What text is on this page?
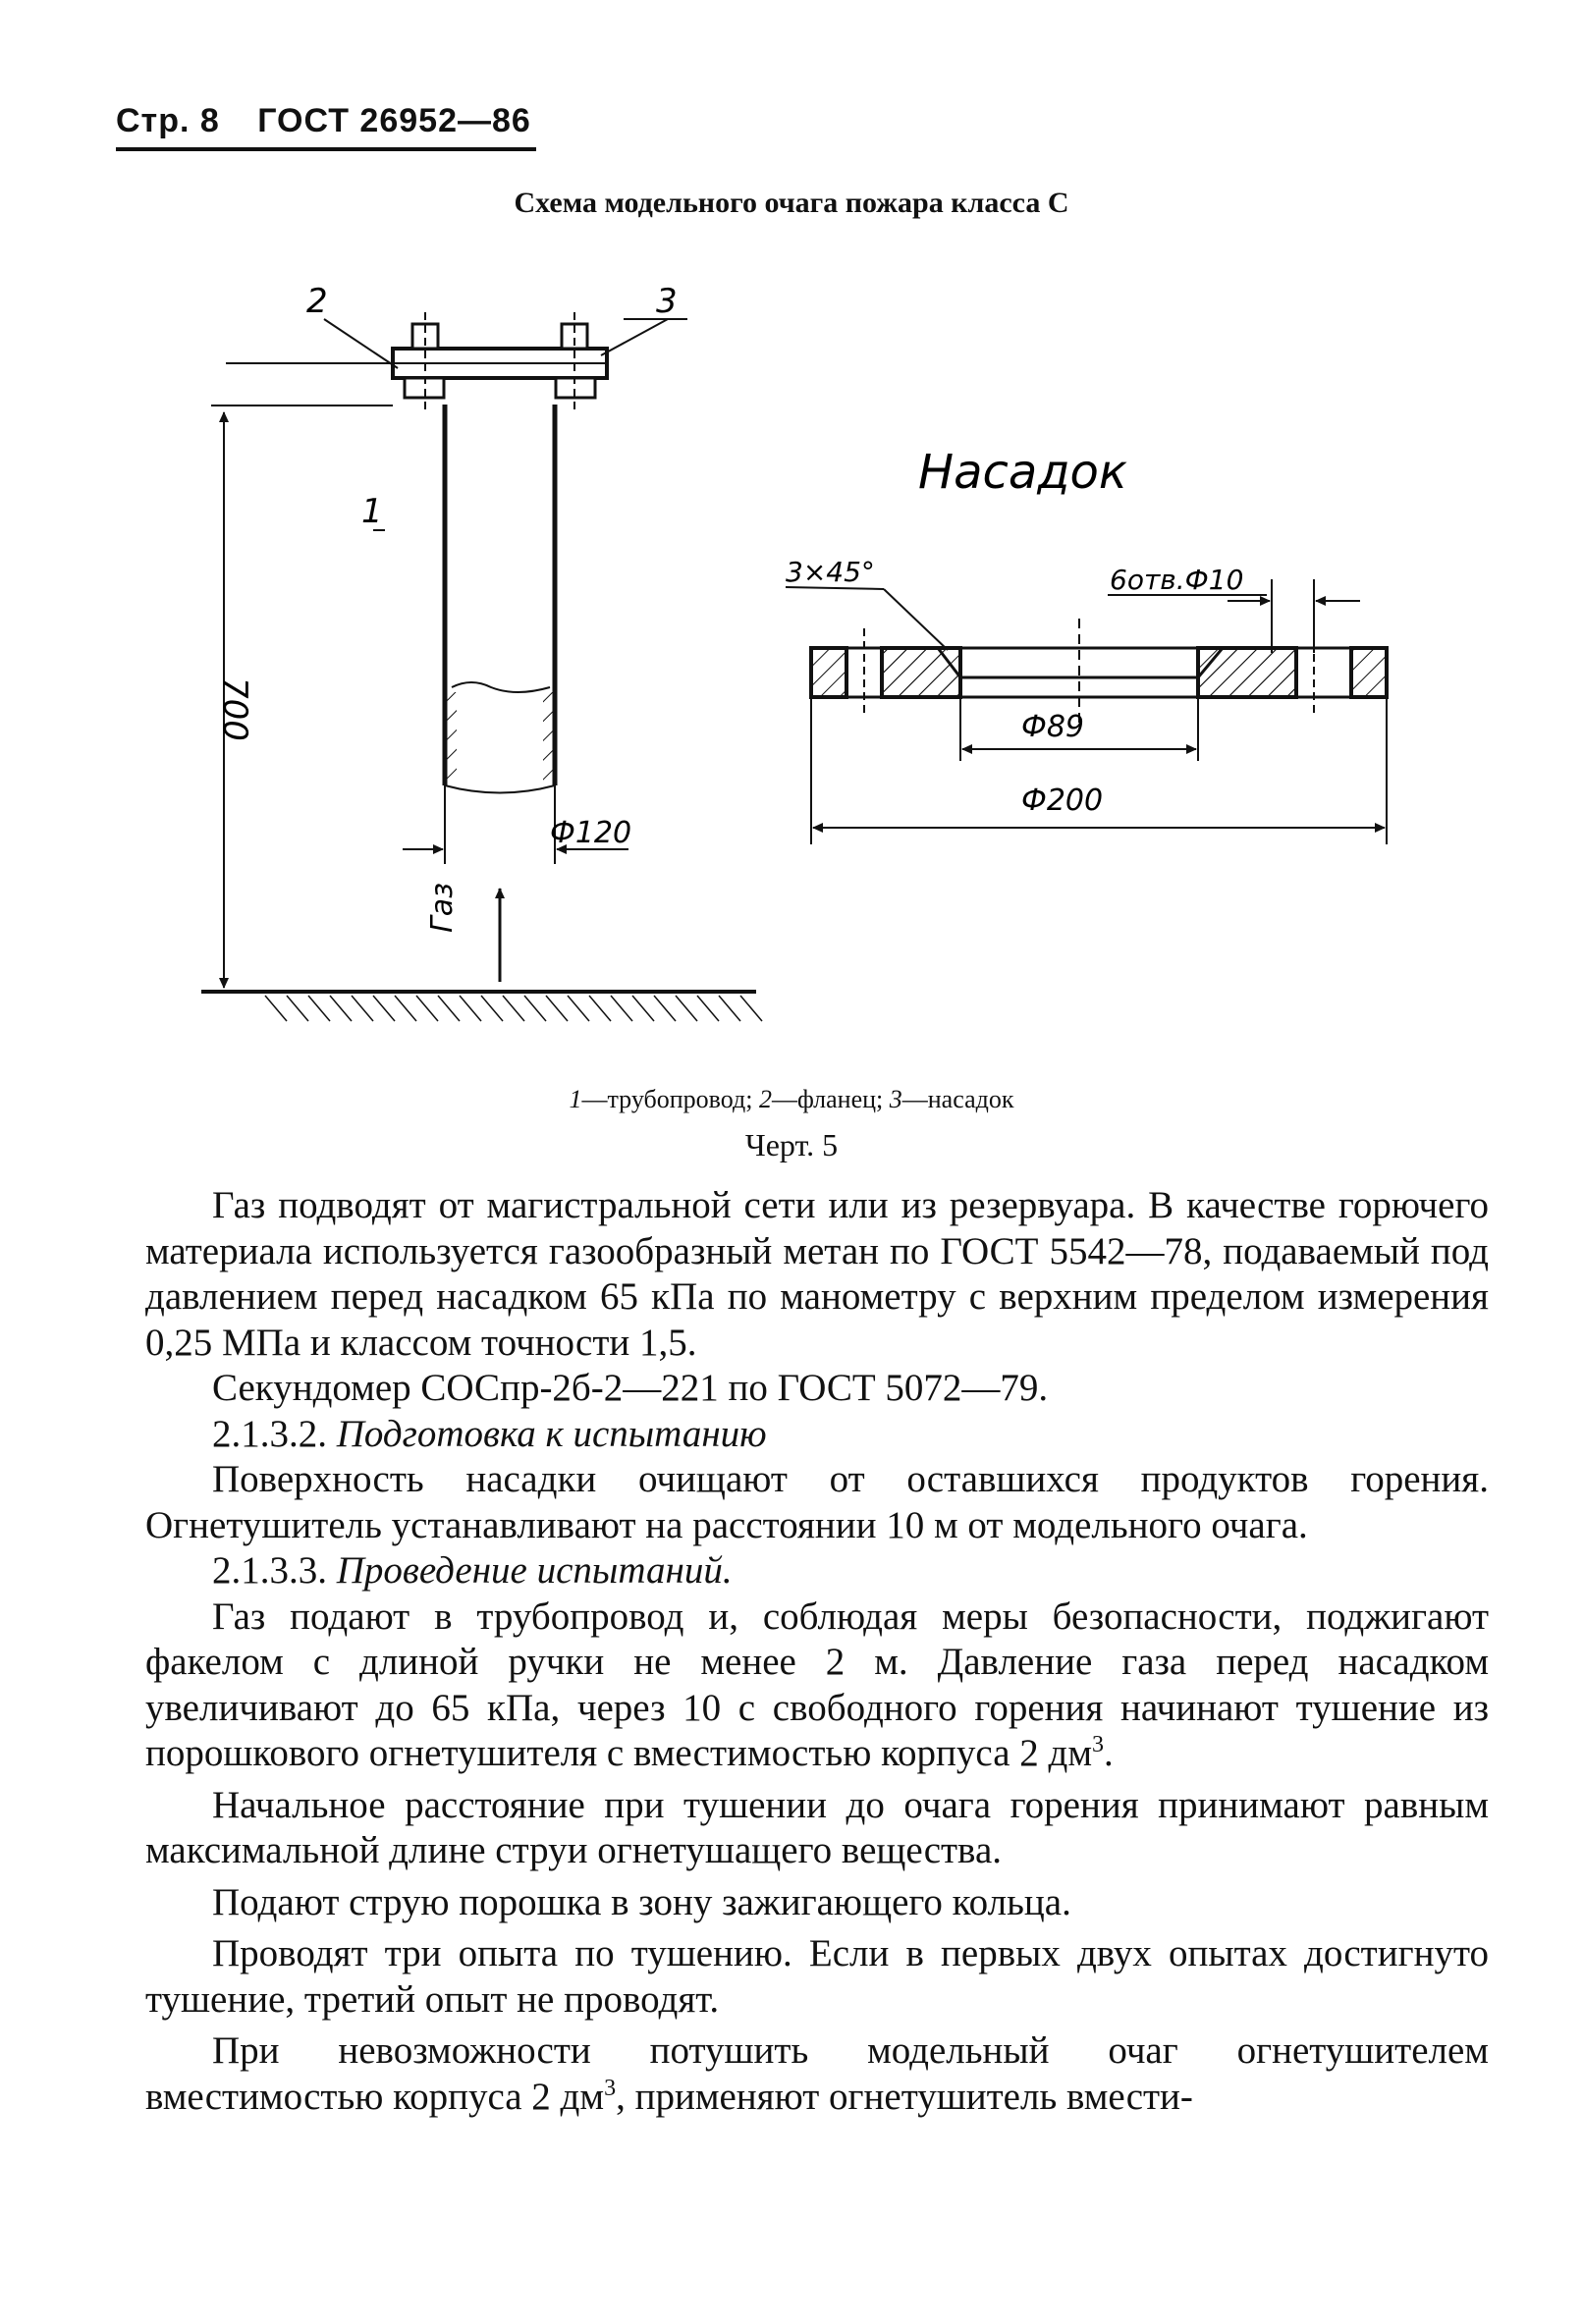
Стр. 8 ГОСТ 26952—86
Схема модельного очага пожара класса С
2	3
1
700
Ф120
Газ
Насадок
3×45°	6отв.Ф10
Ф89
Ф200
1—трубопровод; 2—фланец; 3—насадок
Черт. 5

Газ подводят от магистральной сети или из резервуара. В качестве горючего материала используется газообразный метан по ГОСТ 5542—78, подаваемый под давлением перед насадком 65 кПа по манометру с верхним пределом измерения 0,25 МПа и классом точности 1,5.

Секундомер СОСпр-2б-2—221 по ГОСТ 5072—79.

2.1.3.2. Подготовка к испытанию

Поверхность насадки очищают от оставшихся продуктов горения. Огнетушитель устанавливают на расстоянии 10 м от модельного очага.

2.1.3.3. Проведение испытаний.

Газ подают в трубопровод и, соблюдая меры безопасности, поджигают факелом с длиной ручки не менее 2 м. Давление газа перед насадком увеличивают до 65 кПа, через 10 с свободного горения начинают тушение из порошкового огнетушителя с вместимостью корпуса 2 $дм^3$.

Начальное расстояние при тушении до очага горения принимают равным максимальной длине струи огнетушащего вещества.

Подают струю порошка в зону зажигающего кольца.

Проводят три опыта по тушению. Если в первых двух опытах достигнуто тушение, третий опыт не проводят.

При невозможности потушить модельный очаг огнетушителем вместимостью корпуса 2 $дм^3$, применяют огнетушитель вмести-
